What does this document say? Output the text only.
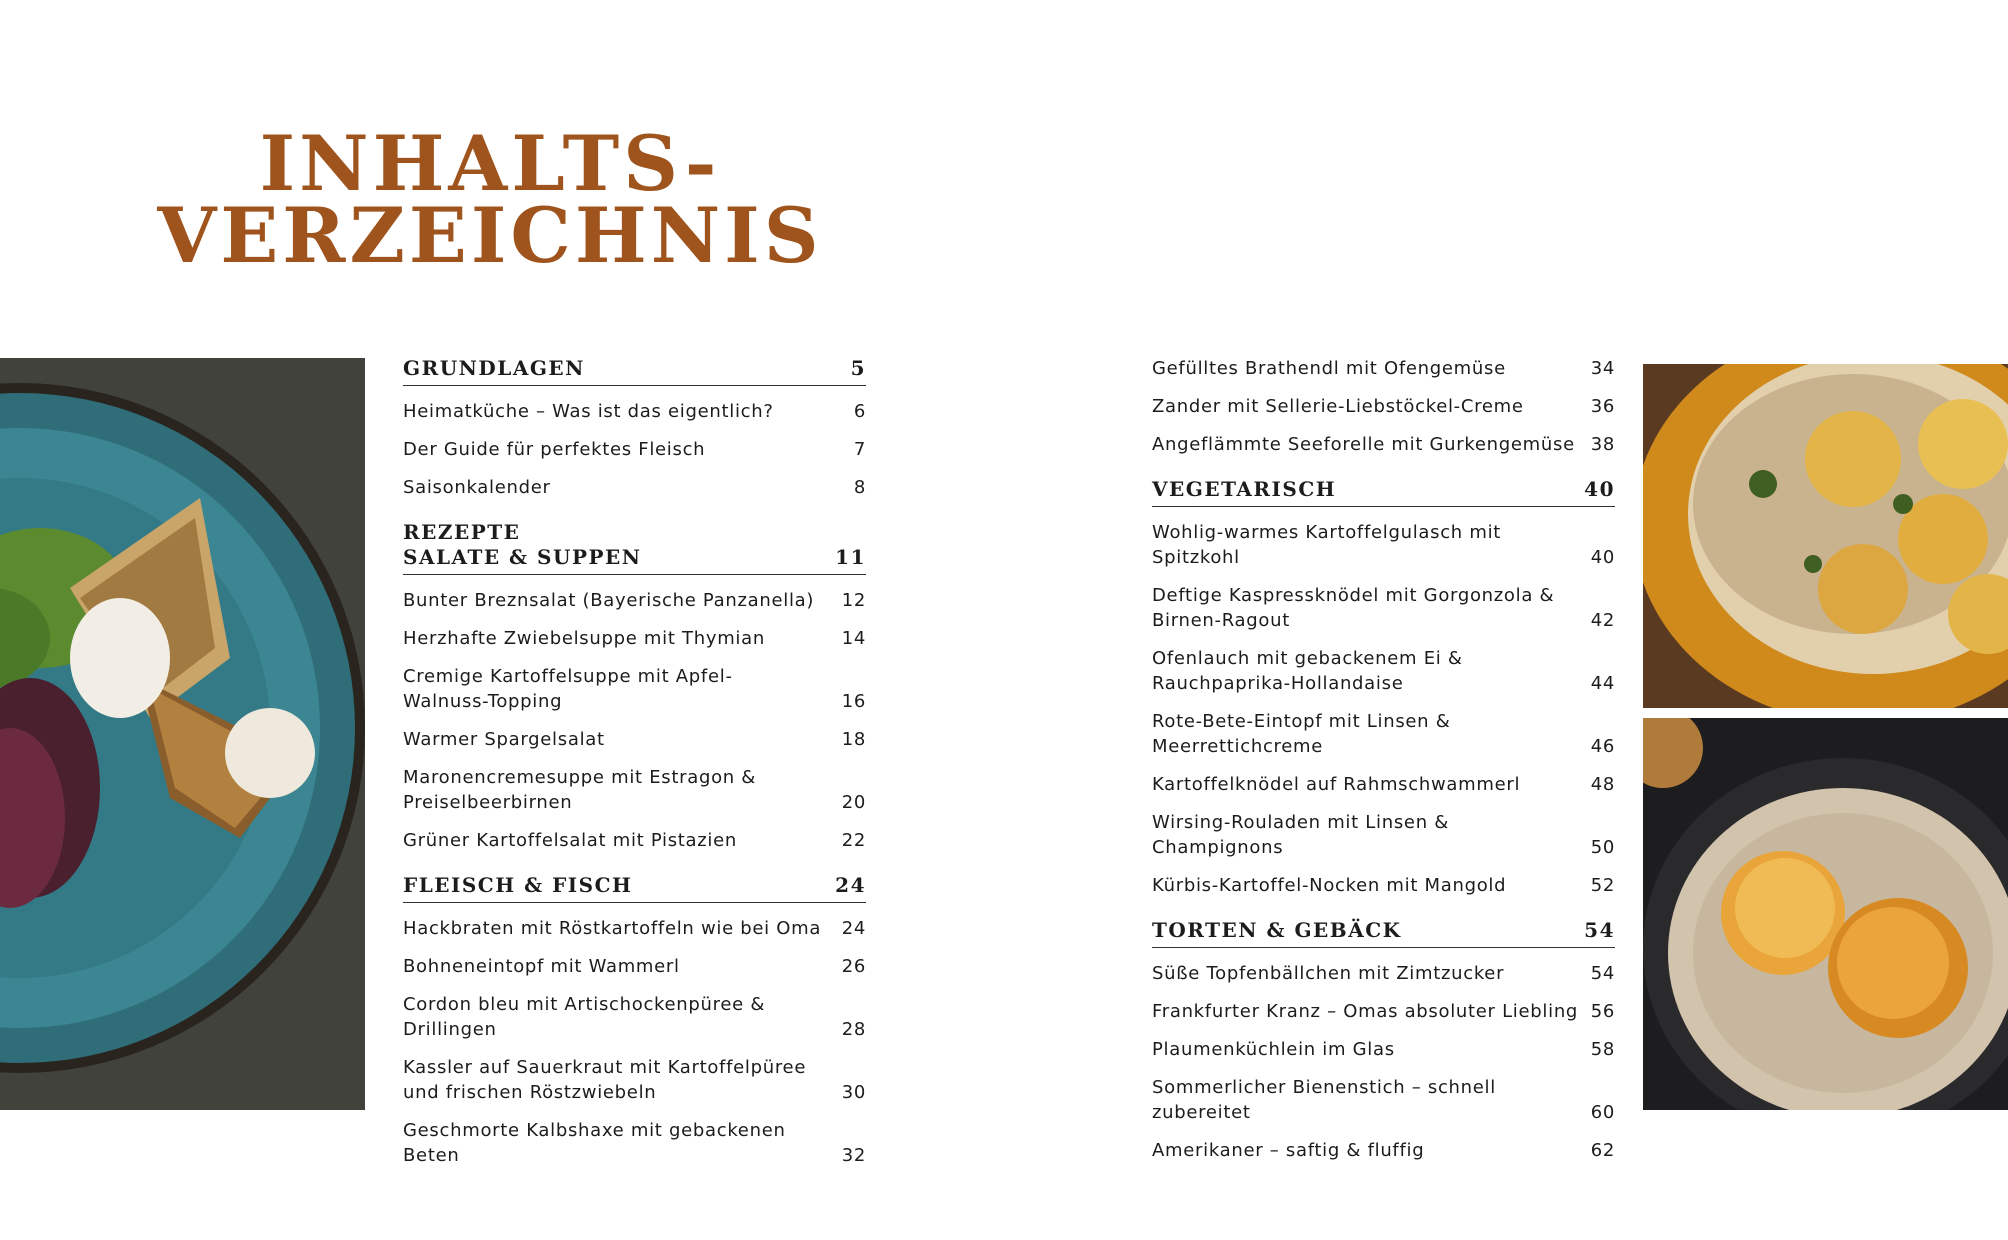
INHALTS-
VERZEICHNIS
GRUNDLAGEN	5
Heimatküche – Was ist das eigentlich?	6
Der Guide für perfektes Fleisch	7
Saisonkalender	8
REZEPTE
SALATE & SUPPEN	11
Bunter Breznsalat (Bayerische Panzanella)	12
Herzhafte Zwiebelsuppe mit Thymian	14
Cremige Kartoffelsuppe mit Apfel-
Walnuss-Topping	16
Warmer Spargelsalat	18
Maronencremesuppe mit Estragon &
Preiselbeerbirnen	20
Grüner Kartoffelsalat mit Pistazien	22
FLEISCH & FISCH	24
Hackbraten mit Röstkartoffeln wie bei Oma	24
Bohneneintopf mit Wammerl	26
Cordon bleu mit Artischockenpüree & Drillingen	28
Kassler auf Sauerkraut mit Kartoffelpüree
und frischen Röstzwiebeln	30
Geschmorte Kalbshaxe mit gebackenen Beten	32
Gefülltes Brathendl mit Ofengemüse	34
Zander mit Sellerie-Liebstöckel-Creme	36
Angeflämmte Seeforelle mit Gurkengemüse 38
VEGETARISCH	40
Wohlig-warmes Kartoffelgulasch mit Spitzkohl	40
Deftige Kaspressknödel mit Gorgonzola &
Birnen-Ragout	42
Ofenlauch mit gebackenem Ei &
Rauchpaprika-Hollandaise	44
Rote-Bete-Eintopf mit Linsen &
Meerrettichcreme	46
Kartoffelknödel auf Rahmschwammerl	48
Wirsing-Rouladen mit Linsen & Champignons	50
Kürbis-Kartoffel-Nocken mit Mangold	52
TORTEN & GEBÄCK	54
Süße Topfenbällchen mit Zimtzucker	54
Frankfurter Kranz – Omas absoluter Liebling 56
Plaumenküchlein im Glas	58
Sommerlicher Bienenstich – schnell zubereitet	60
Amerikaner – saftig & fluffig	62
